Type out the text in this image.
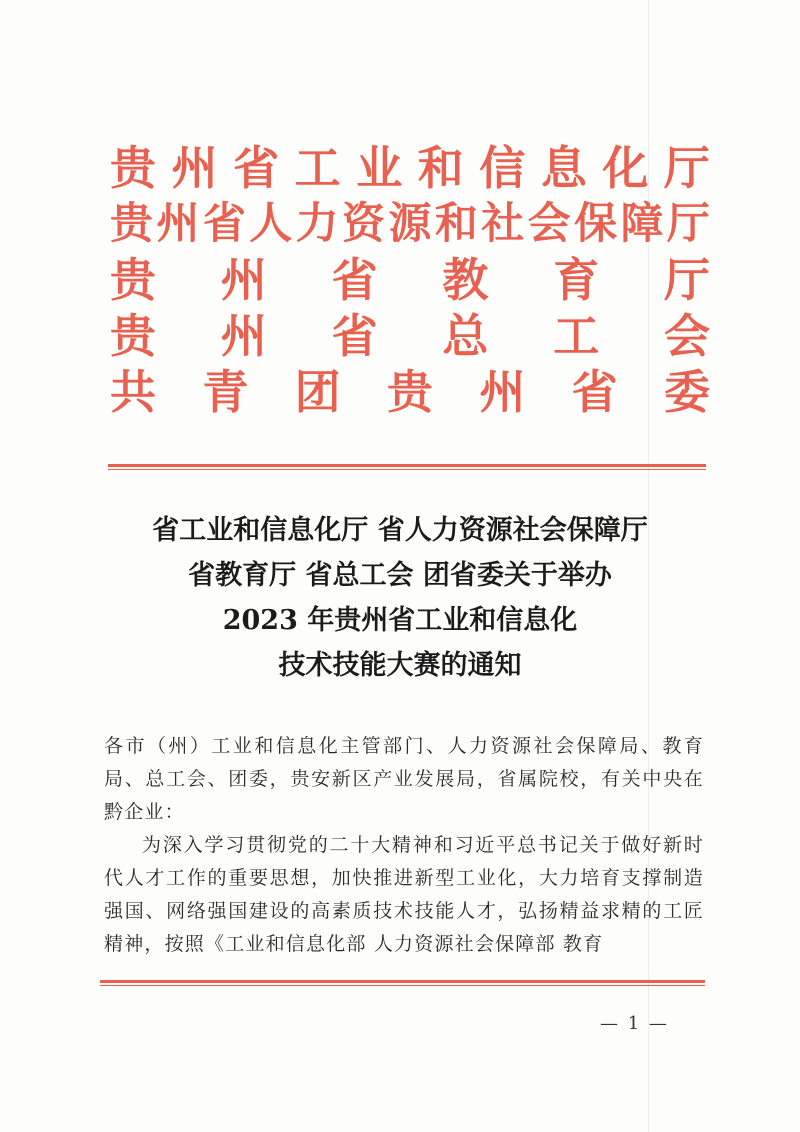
贵 州 省 工 业 和 信 息 化 厅
贵 州 省 人 力 资 源 和 社 会 保 障 厅
贵 州 省 教 育 厅
贵 州 省 总 工 会
共 青 团 贵 州 省 委
省工业和信息化厅 省人力资源社会保障厅
省教育厅 省总工会 团省委关于举办
2023 年贵州省工业和信息化
技术技能大赛的通知

各市（州）工业和信息化主管部门、人力资源社会保障局、教育局、总工会、团委，贵安新区产业发展局，省属院校，有关中央在黔企业：

为深入学习贯彻党的二十大精神和习近平总书记关于做好新时代人才工作的重要思想，加快推进新型工业化，大力培育支撑制造强国、网络强国建设的高素质技术技能人才，弘扬精益求精的工匠精神，按照《工业和信息化部 人力资源社会保障部 教育

— 1 —
